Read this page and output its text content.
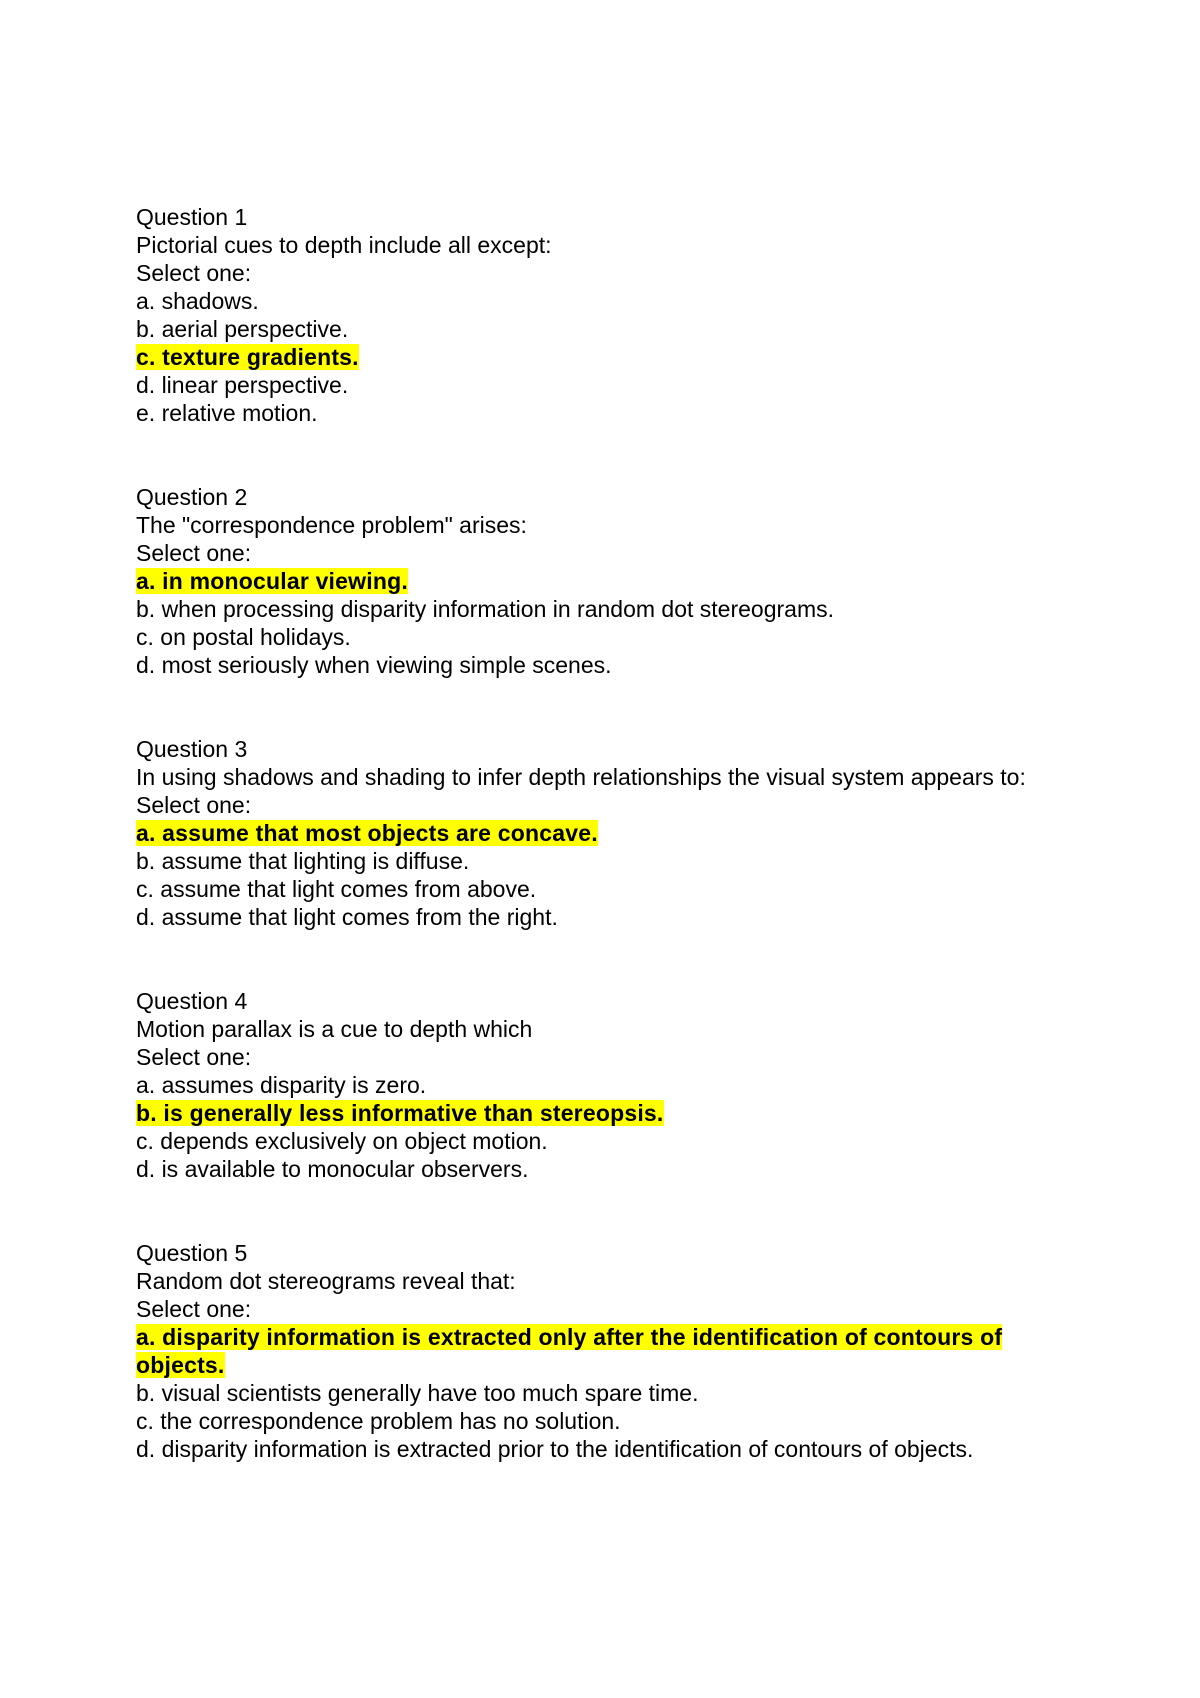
Question 1
Pictorial cues to depth include all except:
Select one:
a. shadows.
b. aerial perspective.
c. texture gradients.
d. linear perspective.
e. relative motion.
Question 2
The "correspondence problem" arises:
Select one:
a. in monocular viewing.
b. when processing disparity information in random dot stereograms.
c. on postal holidays.
d. most seriously when viewing simple scenes.
Question 3
In using shadows and shading to infer depth relationships the visual system appears to:
Select one:
a. assume that most objects are concave.
b. assume that lighting is diffuse.
c. assume that light comes from above.
d. assume that light comes from the right.
Question 4
Motion parallax is a cue to depth which
Select one:
a. assumes disparity is zero.
b. is generally less informative than stereopsis.
c. depends exclusively on object motion.
d. is available to monocular observers.
Question 5
Random dot stereograms reveal that:
Select one:
a. disparity information is extracted only after the identification of contours of objects.
b. visual scientists generally have too much spare time.
c. the correspondence problem has no solution.
d. disparity information is extracted prior to the identification of contours of objects.
